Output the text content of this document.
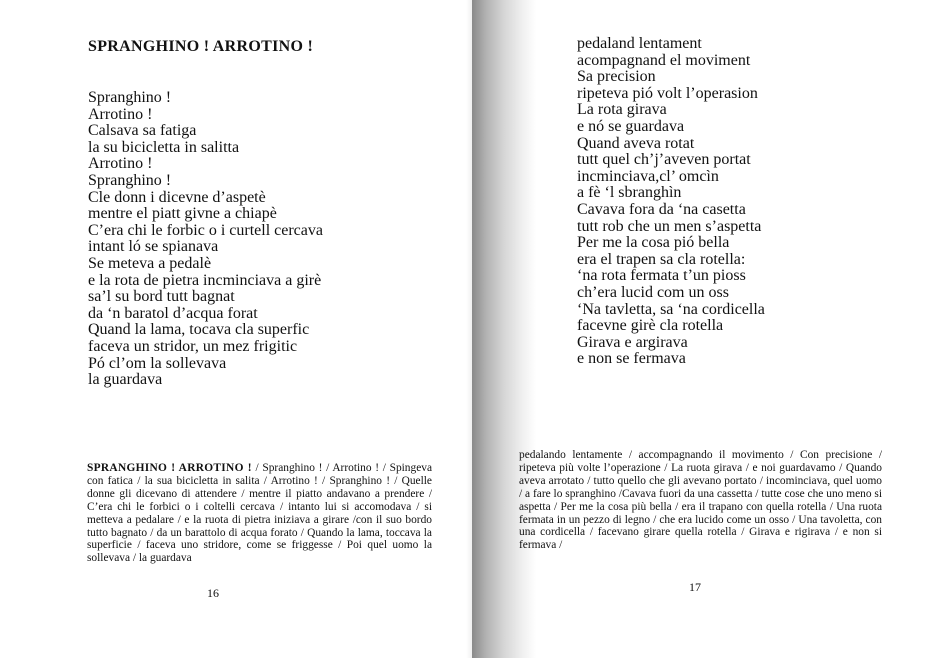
SPRANGHINO ! ARROTINO !
Spranghino !
Arrotino !
Calsava sa fatiga
la su bicicletta in salitta
Arrotino !
Spranghino !
Cle donn i dicevne d’aspetè
mentre el piatt givne a chiapè
C’era chi le forbic o i curtell cercava
intant ló se spianava
Se meteva a pedalè
e la rota de pietra incminciava a girè
sa’l su bord tutt bagnat
da ‘n baratol d’acqua forat
Quand la lama, tocava cla superfic
faceva un stridor, un mez frigitic
Pó cl’om la sollevava
la guardava

SPRANGHINO ! ARROTINO ! / Spranghino ! / Arrotino ! / Spingeva con fatica / la sua bicicletta in salita / Arrotino ! / Spranghino ! / Quelle donne gli dicevano di attendere / mentre il piatto andavano a prendere / C’era chi le forbici o i coltelli cercava / intanto lui si accomodava / si metteva a pedalare / e la ruota di pietra iniziava a girare /con il suo bordo tutto bagnato / da un barattolo di acqua forato / Quando la lama, toccava la superficie / faceva uno stridore, come se friggesse / Poi quel uomo la sollevava / la guardava

16
pedaland lentament
acompagnand el moviment
Sa precision
ripeteva pió volt l’operasion
La rota girava
e nó se guardava
Quand aveva rotat
tutt quel ch’j’aveven portat
incminciava,cl’ omcìn
a fè ‘l sbranghìn
Cavava fora da ‘na casetta
tutt rob che un men s’aspetta
Per me la cosa pió bella
era el trapen sa cla rotella:
‘na rota fermata t’un pioss
ch’era lucid com un oss
‘Na tavletta, sa ‘na cordicella
facevne girè cla rotella
Girava e argirava
e non se fermava

pedalando lentamente / accompagnando il movimento / Con precisione / ripeteva più volte l’operazione / La ruota girava / e noi guardavamo / Quando aveva arrotato / tutto quello che gli avevano portato / incominciava, quel uomo / a fare lo spranghino /Cavava fuori da una cassetta / tutte cose che uno meno si aspetta / Per me la cosa più bella / era il trapano con quella rotella / Una ruota fermata in un pezzo di legno / che era lucido come un osso / Una tavoletta, con una cordicella / facevano girare quella rotella / Girava e rigirava / e non si fermava /

17
